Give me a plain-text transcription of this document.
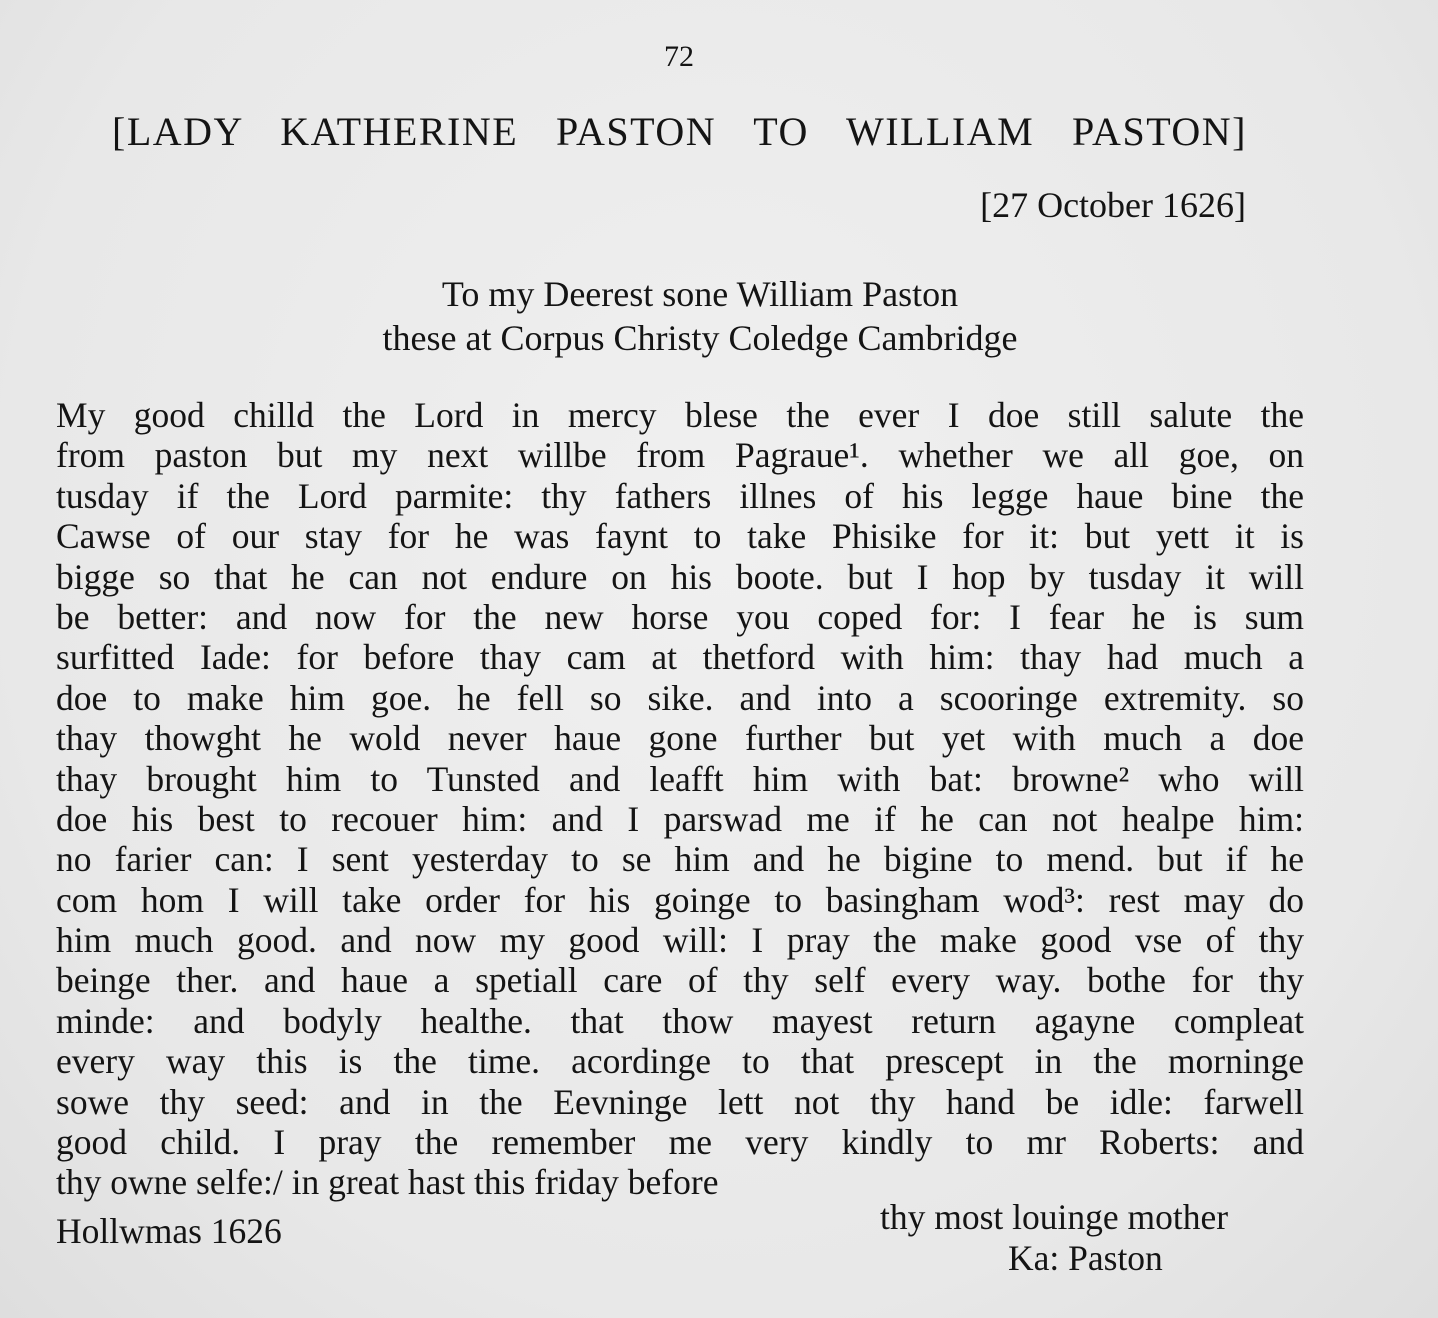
72
[LADY KATHERINE PASTON TO WILLIAM PASTON]
[27 October 1626]
To my Deerest sone William Paston
these at Corpus Christy Coledge Cambridge
My good chilld the Lord in mercy blese the ever I doe still salute the
from paston but my next willbe from Pagraue¹. whether we all goe, on
tusday if the Lord parmite: thy fathers illnes of his legge haue bine the
Cawse of our stay for he was faynt to take Phisike for it: but yett it is
bigge so that he can not endure on his boote. but I hop by tusday it will
be better: and now for the new horse you coped for: I fear he is sum
surfitted Iade: for before thay cam at thetford with him: thay had much a
doe to make him goe. he fell so sike. and into a scooringe extremity. so
thay thowght he wold never haue gone further but yet with much a doe
thay brought him to Tunsted and leafft him with bat: browne² who will
doe his best to recouer him: and I parswad me if he can not healpe him:
no farier can: I sent yesterday to se him and he bigine to mend. but if he
com hom I will take order for his goinge to basingham wod³: rest may do
him much good. and now my good will: I pray the make good vse of thy
beinge ther. and haue a spetiall care of thy self every way. bothe for thy
minde: and bodyly healthe. that thow mayest return agayne compleat
every way this is the time. acordinge to that prescept in the morninge
sowe thy seed: and in the Eevninge lett not thy hand be idle: farwell
good child. I pray the remember me very kindly to mr Roberts: and
thy owne selfe:/ in great hast this friday before
Hollwmas 1626	thy most louinge mother
Ka: Paston
